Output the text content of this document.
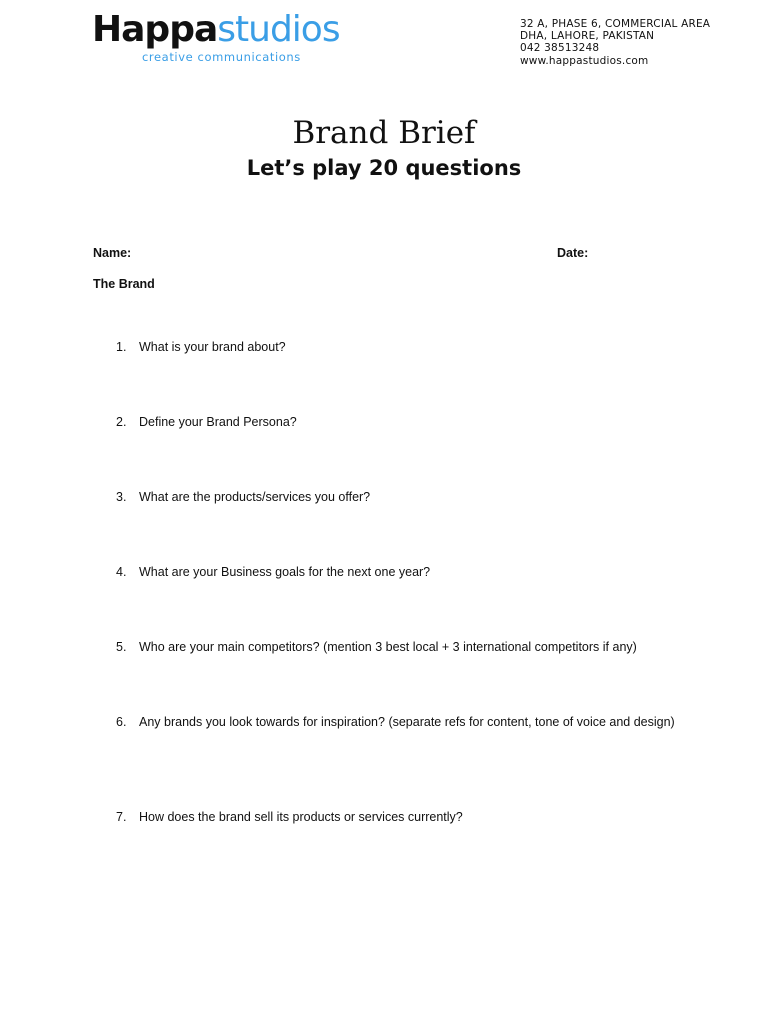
Happastudios
creative communications
32 A, PHASE 6, COMMERCIAL AREA
DHA, LAHORE, PAKISTAN
042 38513248
www.happastudios.com
Brand Brief
Let’s play 20 questions
Name:	Date:
The Brand
1. What is your brand about?
2. Define your Brand Persona?
3. What are the products/services you offer?
4. What are your Business goals for the next one year?
5. Who are your main competitors? (mention 3 best local + 3 international competitors if any)
6. Any brands you look towards for inspiration? (separate refs for content, tone of voice and design)
7. How does the brand sell its products or services currently?
